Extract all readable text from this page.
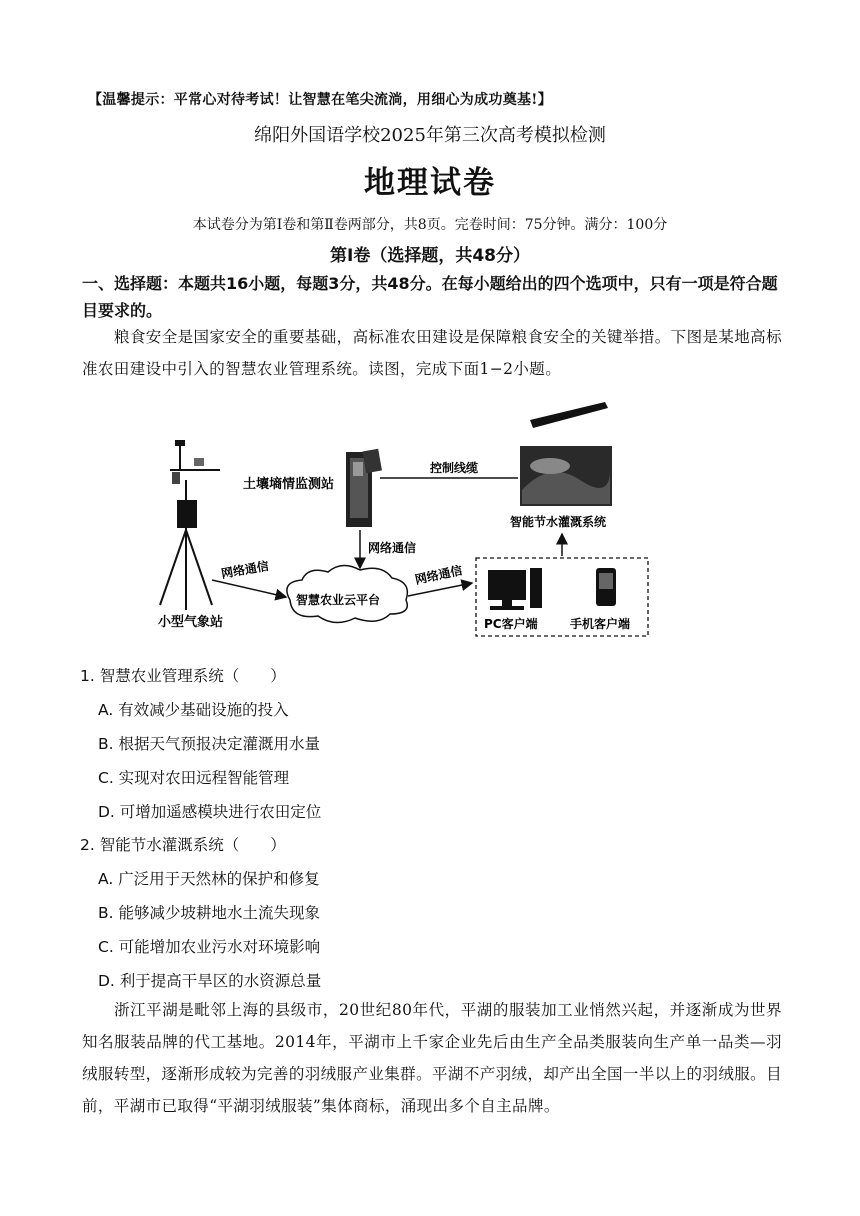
【温馨提示：平常心对待考试！让智慧在笔尖流淌，用细心为成功奠基!】
绵阳外国语学校2025年第三次高考模拟检测
地理试卷
本试卷分为第Ⅰ卷和第Ⅱ卷两部分，共8页。完卷时间：75分钟。满分：100分
第Ⅰ卷（选择题，共48分）
一、选择题：本题共16小题，每题3分，共48分。在每小题给出的四个选项中，只有一项是符合题目要求的。
粮食安全是国家安全的重要基础，高标准农田建设是保障粮食安全的关键举措。下图是某地高标准农田建设中引入的智慧农业管理系统。读图，完成下面1−2小题。
小型气象站
土壤墒情监测站
控制线缆
智能节水灌溉系统
网络通信
智慧农业云平台
网络通信	网络通信
PC客户端	手机客户端
1. 智慧农业管理系统（　　）
A. 有效减少基础设施的投入
B. 根据天气预报决定灌溉用水量
C. 实现对农田远程智能管理
D. 可增加遥感模块进行农田定位
2. 智能节水灌溉系统（　　）
A. 广泛用于天然林的保护和修复
B. 能够减少坡耕地水土流失现象
C. 可能增加农业污水对环境影响
D. 利于提高干旱区的水资源总量
浙江平湖是毗邻上海的县级市，20世纪80年代，平湖的服装加工业悄然兴起，并逐渐成为世界知名服装品牌的代工基地。2014年，平湖市上千家企业先后由生产全品类服装向生产单一品类—羽绒服转型，逐渐形成较为完善的羽绒服产业集群。平湖不产羽绒，却产出全国一半以上的羽绒服。目前，平湖市已取得“平湖羽绒服装”集体商标，涌现出多个自主品牌。
